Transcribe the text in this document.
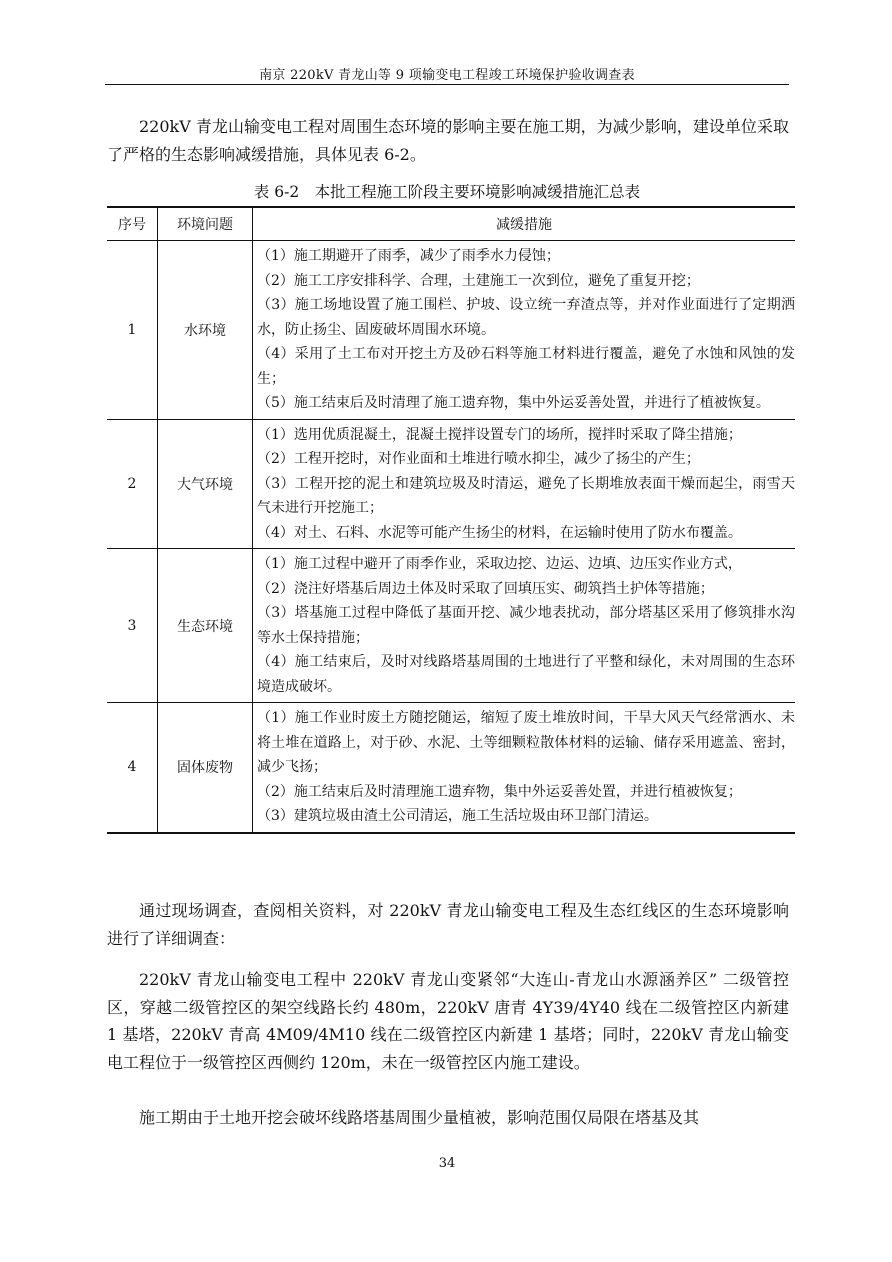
南京 220kV 青龙山等 9 项输变电工程竣工环境保护验收调查表

220kV 青龙山输变电工程对周围生态环境的影响主要在施工期，为减少影响，建设单位采取了严格的生态影响减缓措施，具体见表 6-2。

表 6-2　本批工程施工阶段主要环境影响减缓措施汇总表
序号	环境问题	减缓措施
1	水环境	（1）施工期避开了雨季，减少了雨季水力侵蚀；
（2）施工工序安排科学、合理，土建施工一次到位，避免了重复开挖；
（3）施工场地设置了施工围栏、护坡、设立统一弃渣点等，并对作业面进行了定期洒水，防止扬尘、固废破坏周围水环境。
（4）采用了土工布对开挖土方及砂石料等施工材料进行覆盖，避免了水蚀和风蚀的发生；
（5）施工结束后及时清理了施工遗弃物，集中外运妥善处置，并进行了植被恢复。

2	大气环境	（1）选用优质混凝土，混凝土搅拌设置专门的场所，搅拌时采取了降尘措施；
（2）工程开挖时，对作业面和土堆进行喷水抑尘，减少了扬尘的产生；
（3）工程开挖的泥土和建筑垃圾及时清运，避免了长期堆放表面干燥而起尘，雨雪天气未进行开挖施工；
（4）对土、石料、水泥等可能产生扬尘的材料，在运输时使用了防水布覆盖。

3	生态环境	（1）施工过程中避开了雨季作业，采取边挖、边运、边填、边压实作业方式，
（2）浇注好塔基后周边土体及时采取了回填压实、砌筑挡土护体等措施；
（3）塔基施工过程中降低了基面开挖、减少地表扰动，部分塔基区采用了修筑排水沟等水土保持措施；
（4）施工结束后，及时对线路塔基周围的土地进行了平整和绿化，未对周围的生态环境造成破坏。

4	固体废物	（1）施工作业时废土方随挖随运，缩短了废土堆放时间，干旱大风天气经常洒水、未将土堆在道路上，对于砂、水泥、土等细颗粒散体材料的运输、储存采用遮盖、密封，减少飞扬；
（2）施工结束后及时清理施工遗弃物，集中外运妥善处置，并进行植被恢复；
（3）建筑垃圾由渣土公司清运，施工生活垃圾由环卫部门清运。

通过现场调查，查阅相关资料，对 220kV 青龙山输变电工程及生态红线区的生态环境影响进行了详细调查：

220kV 青龙山输变电工程中 220kV 青龙山变紧邻“大连山-青龙山水源涵养区” 二级管控区，穿越二级管控区的架空线路长约 480m，220kV 唐青 4Y39/4Y40 线在二级管控区内新建 1 基塔，220kV 青高 4M09/4M10 线在二级管控区内新建 1 基塔；同时，220kV 青龙山输变电工程位于一级管控区西侧约 120m，未在一级管控区内施工建设。

施工期由于土地开挖会破坏线路塔基周围少量植被，影响范围仅局限在塔基及其

34
